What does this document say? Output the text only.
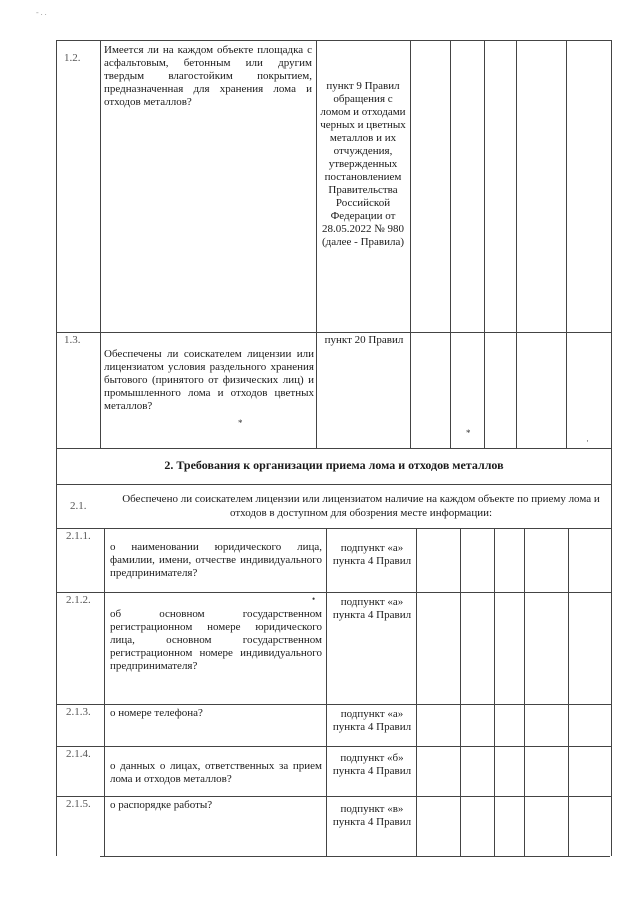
- . .
1.2.
Имеется ли на каждом объекте площадка с асфальтовым, бетонным или другим твердым влагостойким покрытием, предназначенная для хранения лома и отходов металлов?
пункт 9 Правил обращения с ломом и отходами черных и цветных металлов и их отчуждения, утвержденных постановлением Правительства Российской Федерации от 28.05.2022 № 980 (далее - Правила)
1.3.
Обеспечены ли соискателем лицензии или лицензиатом условия раздельного хранения бытового (принятого от физических лиц) и промышленного лома и отходов цветных металлов?
пункт 20 Правил
*
*
·
2. Требования к организации приема лома и отходов металлов
2.1.
Обеспечено ли соискателем лицензии или лицензиатом наличие на каждом объекте по приему лома и отходов в доступном для обозрения месте информации:
2.1.1.
о наименовании юридического лица, фамилии, имени, отчестве индивидуального предпринимателя?
подпункт «а» пункта 4 Правил
2.1.2.
об основном государственном регистрационном номере юридического лица, основном государственном регистрационном номере индивидуального предпринимателя?
подпункт «а» пункта 4 Правил
•
2.1.3. о номере телефона?	подпункт «а» пункта 4 Правил
2.1.4.
о данных о лицах, ответственных за прием лома и отходов металлов?
подпункт «б» пункта 4 Правил
2.1.5. о распорядке работы?	подпункт «в» пункта 4 Правил
